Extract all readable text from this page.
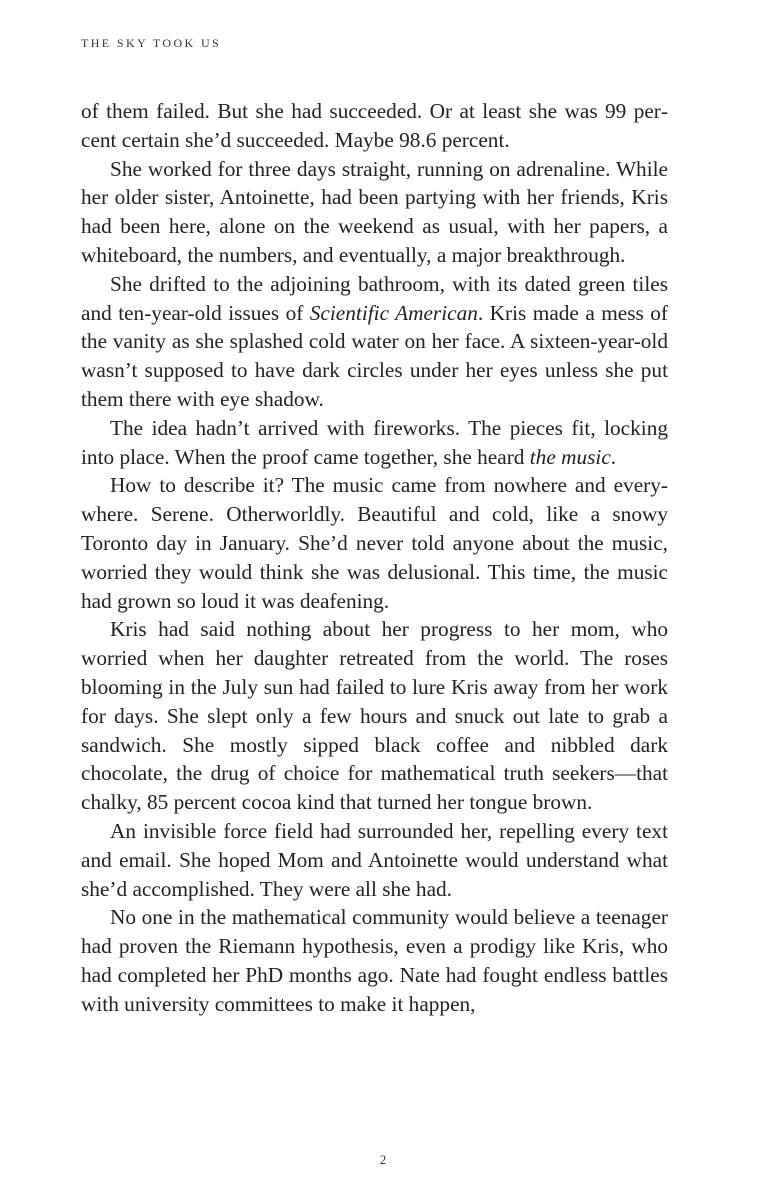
THE SKY TOOK US

of them failed. But she had succeeded. Or at least she was 99 percent certain she’d succeeded. Maybe 98.6 percent.

She worked for three days straight, running on adrenaline. While her older sister, Antoinette, had been partying with her friends, Kris had been here, alone on the weekend as usual, with her papers, a whiteboard, the numbers, and eventually, a major breakthrough.

She drifted to the adjoining bathroom, with its dated green tiles and ten-year-old issues of Scientific American. Kris made a mess of the vanity as she splashed cold water on her face. A sixteen-year-old wasn’t supposed to have dark circles under her eyes unless she put them there with eye shadow.

The idea hadn’t arrived with fireworks. The pieces fit, locking into place. When the proof came together, she heard the music.

How to describe it? The music came from nowhere and everywhere. Serene. Otherworldly. Beautiful and cold, like a snowy Toronto day in January. She’d never told anyone about the music, worried they would think she was delusional. This time, the music had grown so loud it was deafening.

Kris had said nothing about her progress to her mom, who worried when her daughter retreated from the world. The roses blooming in the July sun had failed to lure Kris away from her work for days. She slept only a few hours and snuck out late to grab a sandwich. She mostly sipped black coffee and nibbled dark chocolate, the drug of choice for mathematical truth seekers—that chalky, 85 percent cocoa kind that turned her tongue brown.

An invisible force field had surrounded her, repelling every text and email. She hoped Mom and Antoinette would understand what she’d accomplished. They were all she had.

No one in the mathematical community would believe a teenager had proven the Riemann hypothesis, even a prodigy like Kris, who had completed her PhD months ago. Nate had fought endless battles with university committees to make it happen,

2
